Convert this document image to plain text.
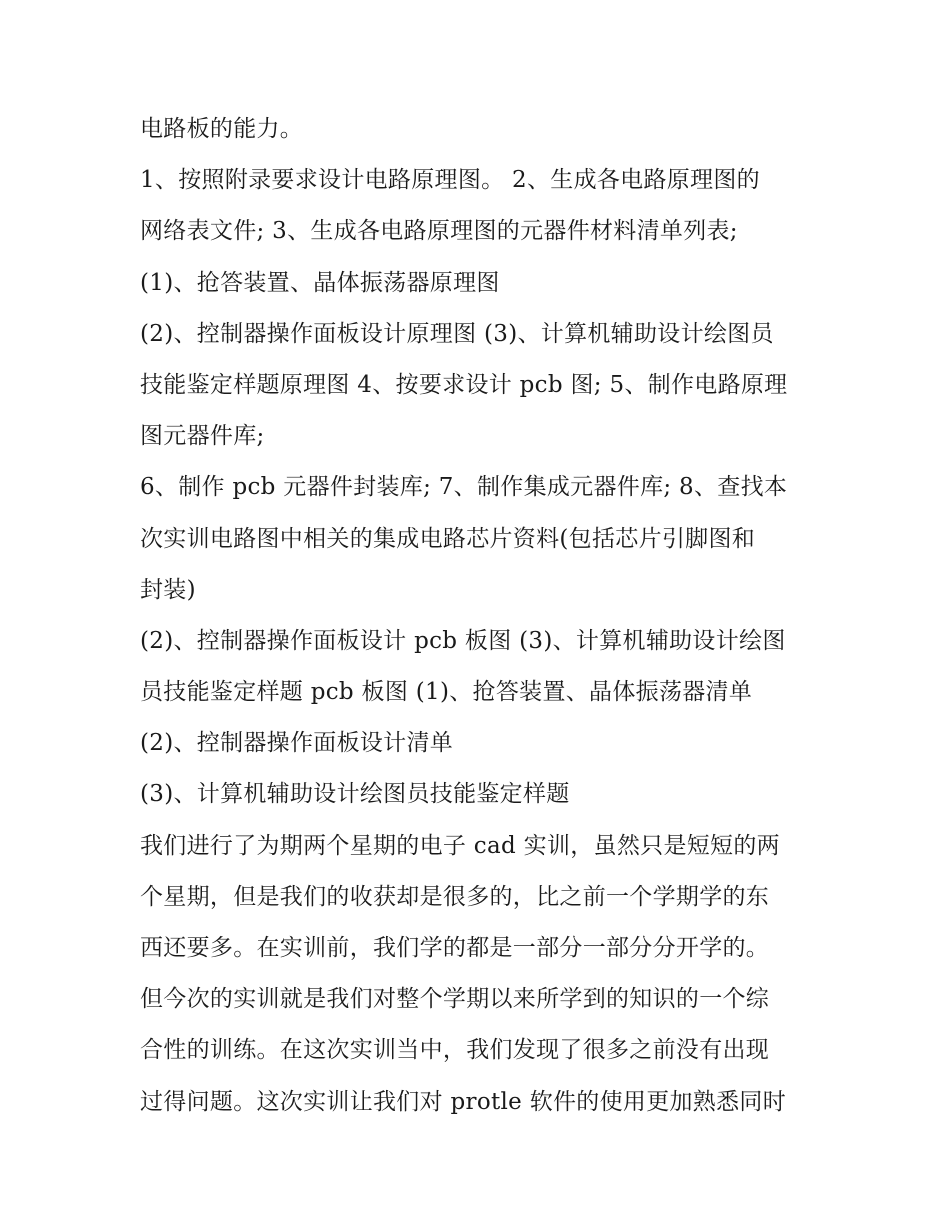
电路板的能力。
1、按照附录要求设计电路原理图。 2、生成各电路原理图的
网络表文件; 3、生成各电路原理图的元器件材料清单列表;
(1)、抢答装置、晶体振荡器原理图
(2)、控制器操作面板设计原理图 (3)、计算机辅助设计绘图员
技能鉴定样题原理图 4、按要求设计 pcb 图; 5、制作电路原理
图元器件库;
6、制作 pcb 元器件封装库; 7、制作集成元器件库; 8、查找本
次实训电路图中相关的集成电路芯片资料(包括芯片引脚图和
封装)
(2)、控制器操作面板设计 pcb 板图 (3)、计算机辅助设计绘图
员技能鉴定样题 pcb 板图 (1)、抢答装置、晶体振荡器清单
(2)、控制器操作面板设计清单
(3)、计算机辅助设计绘图员技能鉴定样题
我们进行了为期两个星期的电子 cad 实训，虽然只是短短的两
个星期，但是我们的收获却是很多的，比之前一个学期学的东
西还要多。在实训前，我们学的都是一部分一部分分开学的。
但今次的实训就是我们对整个学期以来所学到的知识的一个综
合性的训练。在这次实训当中，我们发现了很多之前没有出现
过得问题。这次实训让我们对 protle 软件的使用更加熟悉同时
